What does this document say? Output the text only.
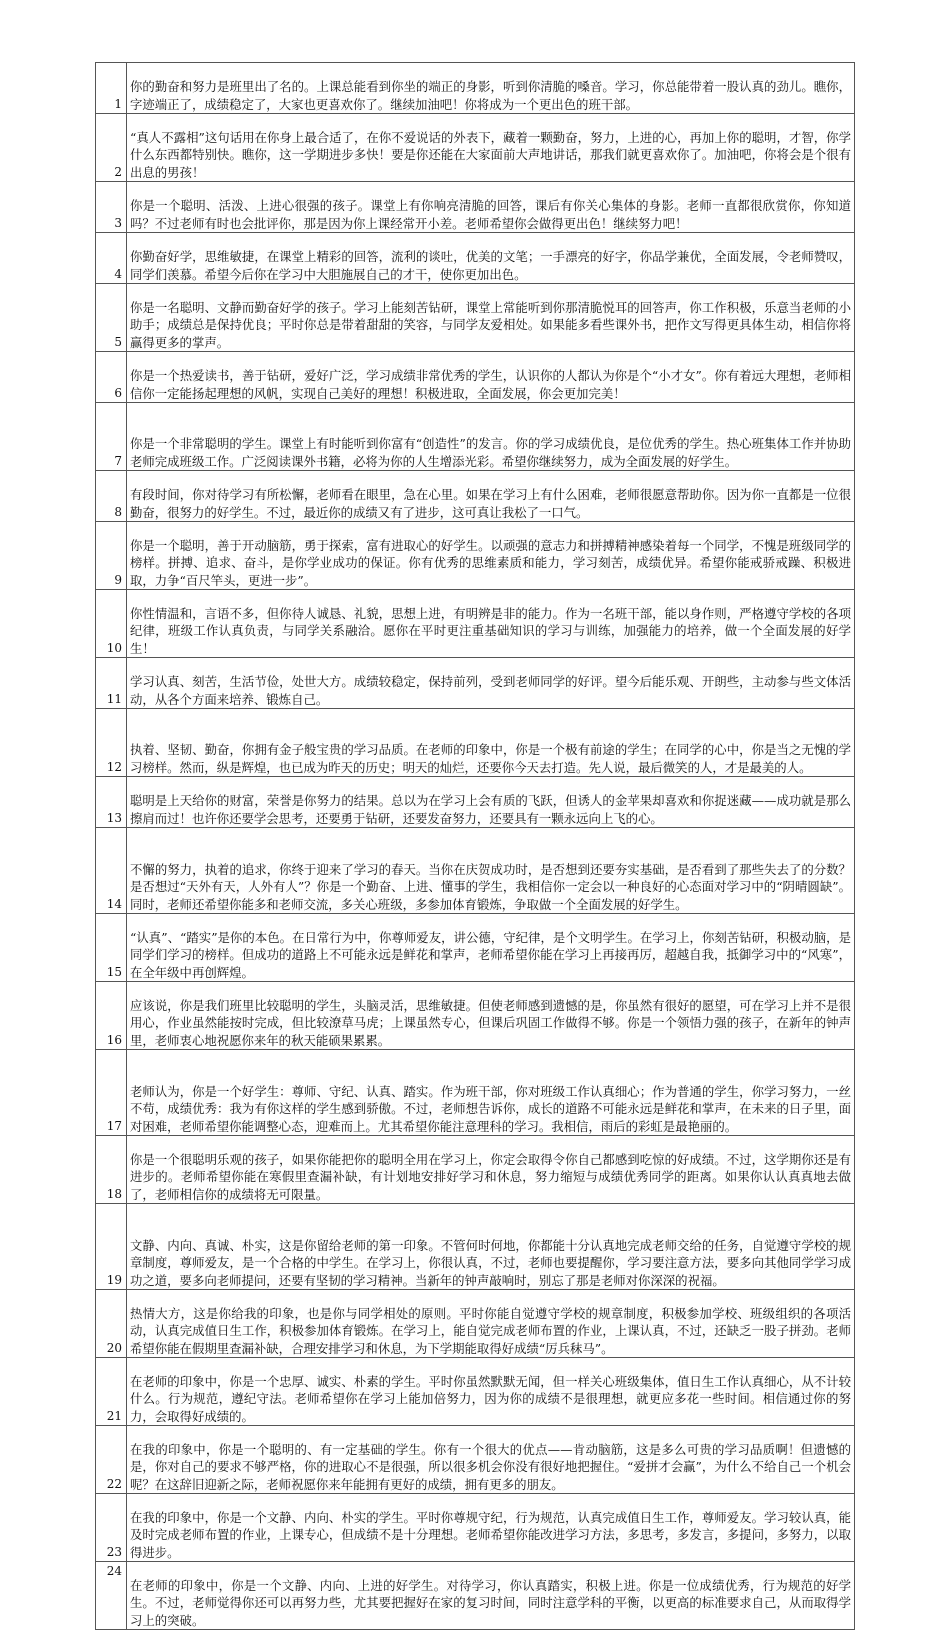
1	你的勤奋和努力是班里出了名的。上课总能看到你坐的端正的身影，听到你清脆的嗓音。学习，你总能带着一股认真的劲儿。瞧你，字迹端正了，成绩稳定了，大家也更喜欢你了。继续加油吧！你将成为一个更出色的班干部。
2	“真人不露相”这句话用在你身上最合适了，在你不爱说话的外表下，藏着一颗勤奋，努力，上进的心，再加上你的聪明，才智，你学什么东西都特别快。瞧你，这一学期进步多快！要是你还能在大家面前大声地讲话，那我们就更喜欢你了。加油吧，你将会是个很有出息的男孩！
3	你是一个聪明、活泼、上进心很强的孩子。课堂上有你响亮清脆的回答，课后有你关心集体的身影。老师一直都很欣赏你，你知道吗？不过老师有时也会批评你，那是因为你上课经常开小差。老师希望你会做得更出色！继续努力吧！
4	你勤奋好学，思维敏捷，在课堂上精彩的回答，流利的谈吐，优美的文笔；一手漂亮的好字，你品学兼优，全面发展，令老师赞叹，同学们羡慕。希望今后你在学习中大胆施展自己的才干，使你更加出色。
5	你是一名聪明、文静而勤奋好学的孩子。学习上能刻苦钻研，课堂上常能听到你那清脆悦耳的回答声，你工作积极，乐意当老师的小助手；成绩总是保持优良；平时你总是带着甜甜的笑容，与同学友爱相处。如果能多看些课外书，把作文写得更具体生动，相信你将赢得更多的掌声。
6	你是一个热爱读书，善于钻研，爱好广泛，学习成绩非常优秀的学生，认识你的人都认为你是个“小才女”。你有着远大理想，老师相信你一定能扬起理想的风帆，实现自己美好的理想！积极进取，全面发展，你会更加完美！
7	你是一个非常聪明的学生。课堂上有时能听到你富有“创造性”的发言。你的学习成绩优良，是位优秀的学生。热心班集体工作并协助老师完成班级工作。广泛阅读课外书籍，必将为你的人生增添光彩。希望你继续努力，成为全面发展的好学生。
8	有段时间，你对待学习有所松懈，老师看在眼里，急在心里。如果在学习上有什么困难，老师很愿意帮助你。因为你一直都是一位很勤奋，很努力的好学生。不过，最近你的成绩又有了进步，这可真让我松了一口气。
9	你是一个聪明，善于开动脑筋，勇于探索，富有进取心的好学生。以顽强的意志力和拼搏精神感染着每一个同学，不愧是班级同学的榜样。拼搏、追求、奋斗，是你学业成功的保证。你有优秀的思维素质和能力，学习刻苦，成绩优异。希望你能戒骄戒躁、积极进取，力争“百尺竿头，更进一步”。
10	你性情温和，言语不多，但你待人诚恳、礼貌，思想上进，有明辨是非的能力。作为一名班干部，能以身作则，严格遵守学校的各项纪律，班级工作认真负责，与同学关系融洽。愿你在平时更注重基础知识的学习与训练，加强能力的培养，做一个全面发展的好学生！
11	学习认真、刻苦，生活节俭，处世大方。成绩较稳定，保持前列，受到老师同学的好评。望今后能乐观、开朗些，主动参与些文体活动，从各个方面来培养、锻炼自己。
12	执着、坚韧、勤奋，你拥有金子般宝贵的学习品质。在老师的印象中，你是一个极有前途的学生；在同学的心中，你是当之无愧的学习榜样。然而，纵是辉煌，也已成为昨天的历史；明天的灿烂，还要你今天去打造。先人说，最后微笑的人，才是最美的人。
13	聪明是上天给你的财富，荣誉是你努力的结果。总以为在学习上会有质的飞跃，但诱人的金苹果却喜欢和你捉迷藏——成功就是那么擦肩而过！也许你还要学会思考，还要勇于钻研，还要发奋努力，还要具有一颗永远向上飞的心。
14	不懈的努力，执着的追求，你终于迎来了学习的春天。当你在庆贺成功时，是否想到还要夯实基础，是否看到了那些失去了的分数？是否想过“天外有天，人外有人”？你是一个勤奋、上进、懂事的学生，我相信你一定会以一种良好的心态面对学习中的“阴晴圆缺”。同时，老师还希望你能多和老师交流，多关心班级，多参加体育锻炼，争取做一个全面发展的好学生。
15	“认真”、“踏实”是你的本色。在日常行为中，你尊师爱友，讲公德，守纪律，是个文明学生。在学习上，你刻苦钻研，积极动脑，是同学们学习的榜样。但成功的道路上不可能永远是鲜花和掌声，老师希望你能在学习上再接再厉，超越自我，抵御学习中的“风寒”，在全年级中再创辉煌。
16	应该说，你是我们班里比较聪明的学生，头脑灵活，思维敏捷。但使老师感到遗憾的是，你虽然有很好的愿望，可在学习上并不是很用心，作业虽然能按时完成，但比较潦草马虎；上课虽然专心，但课后巩固工作做得不够。你是一个领悟力强的孩子，在新年的钟声里，老师衷心地祝愿你来年的秋天能硕果累累。
17	老师认为，你是一个好学生：尊师、守纪、认真、踏实。作为班干部，你对班级工作认真细心；作为普通的学生，你学习努力，一丝不苟，成绩优秀：我为有你这样的学生感到骄傲。不过，老师想告诉你，成长的道路不可能永远是鲜花和掌声，在未来的日子里，面对困难，老师希望你能调整心态，迎难而上。尤其希望你能注意理科的学习。我相信，雨后的彩虹是最艳丽的。
18	你是一个很聪明乐观的孩子，如果你能把你的聪明全用在学习上，你定会取得令你自己都感到吃惊的好成绩。不过，这学期你还是有进步的。老师希望你能在寒假里查漏补缺，有计划地安排好学习和休息，努力缩短与成绩优秀同学的距离。如果你认认真真地去做了，老师相信你的成绩将无可限量。
19	文静、内向、真诚、朴实，这是你留给老师的第一印象。不管何时何地，你都能十分认真地完成老师交给的任务，自觉遵守学校的规章制度，尊师爱友，是一个合格的中学生。在学习上，你很认真，不过，老师也要提醒你，学习要注意方法，要多向其他同学学习成功之道，要多向老师提问，还要有坚韧的学习精神。当新年的钟声敲响时，别忘了那是老师对你深深的祝福。
20	热情大方，这是你给我的印象，也是你与同学相处的原则。平时你能自觉遵守学校的规章制度，积极参加学校、班级组织的各项活动，认真完成值日生工作，积极参加体育锻炼。在学习上，能自觉完成老师布置的作业，上课认真，不过，还缺乏一股子拼劲。老师希望你能在假期里查漏补缺，合理安排学习和休息，为下学期能取得好成绩“厉兵秣马”。
21	在老师的印象中，你是一个忠厚、诚实、朴素的学生。平时你虽然默默无闻，但一样关心班级集体，值日生工作认真细心，从不计较什么。行为规范，遵纪守法。老师希望你在学习上能加倍努力，因为你的成绩不是很理想，就更应多花一些时间。相信通过你的努力，会取得好成绩的。
22	在我的印象中，你是一个聪明的、有一定基础的学生。你有一个很大的优点——肯动脑筋，这是多么可贵的学习品质啊！但遗憾的是，你对自己的要求不够严格，你的进取心不是很强，所以很多机会你没有很好地把握住。“爱拼才会赢”，为什么不给自己一个机会呢？在这辞旧迎新之际，老师祝愿你来年能拥有更好的成绩，拥有更多的朋友。
23	在我的印象中，你是一个文静、内向、朴实的学生。平时你尊规守纪，行为规范，认真完成值日生工作，尊师爱友。学习较认真，能及时完成老师布置的作业，上课专心，但成绩不是十分理想。老师希望你能改进学习方法，多思考，多发言，多提问，多努力，以取得进步。
24	在老师的印象中，你是一个文静、内向、上进的好学生。对待学习，你认真踏实，积极上进。你是一位成绩优秀，行为规范的好学生。不过，老师觉得你还可以再努力些，尤其要把握好在家的复习时间，同时注意学科的平衡，以更高的标准要求自己，从而取得学习上的突破。
